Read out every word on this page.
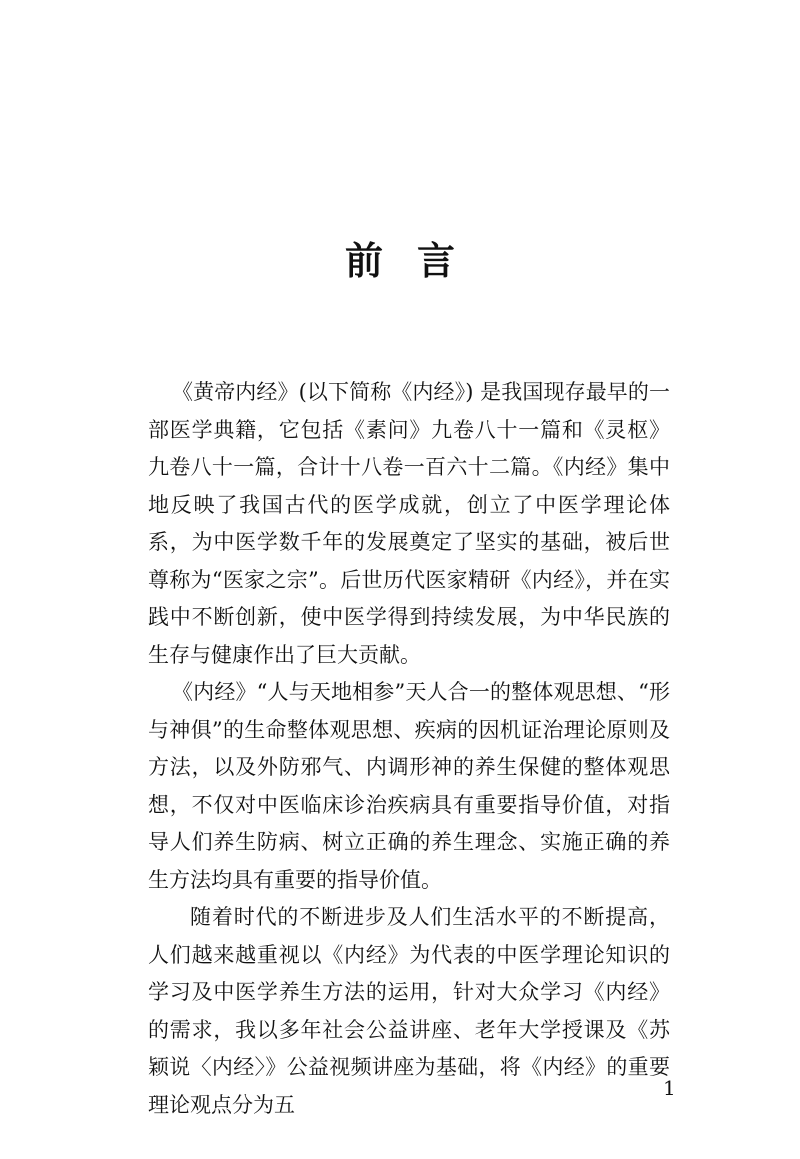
前言

《黄帝内经》(以下简称《内经》) 是我国现存最早的一部医学典籍，它包括《素问》九卷八十一篇和《灵枢》九卷八十一篇，合计十八卷一百六十二篇。《内经》集中地反映了我国古代的医学成就，创立了中医学理论体系，为中医学数千年的发展奠定了坚实的基础，被后世尊称为“医家之宗”。后世历代医家精研《内经》，并在实践中不断创新，使中医学得到持续发展，为中华民族的生存与健康作出了巨大贡献。

《内经》“人与天地相参”天人合一的整体观思想、“形与神俱”的生命整体观思想、疾病的因机证治理论原则及方法，以及外防邪气、内调形神的养生保健的整体观思想，不仅对中医临床诊治疾病具有重要指导价值，对指导人们养生防病、树立正确的养生理念、实施正确的养生方法均具有重要的指导价值。

随着时代的不断进步及人们生活水平的不断提高，人们越来越重视以《内经》为代表的中医学理论知识的学习及中医学养生方法的运用，针对大众学习《内经》的需求，我以多年社会公益讲座、老年大学授课及《苏颖说〈内经〉》公益视频讲座为基础，将《内经》的重要理论观点分为五

1
